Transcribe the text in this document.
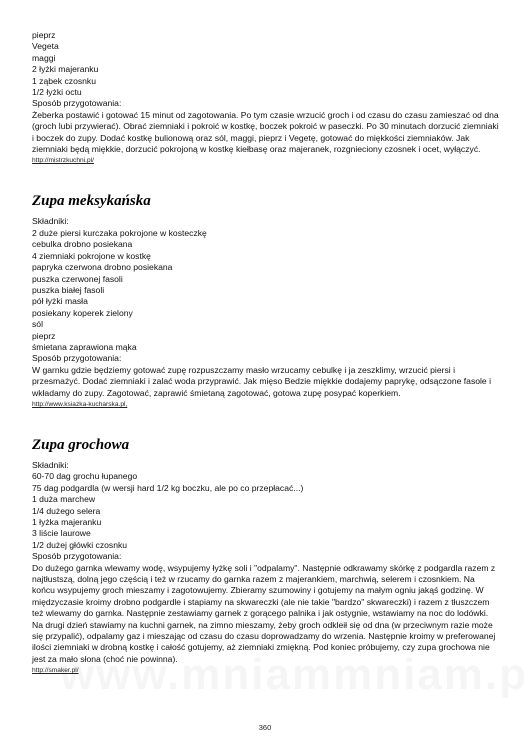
pieprz
Vegeta
maggi
2 łyżki majeranku
1 ząbek czosnku
1/2 łyżki octu
Sposób przygotowania:
Żeberka postawić i gotować 15 minut od zagotowania. Po tym czasie wrzucić groch i od czasu do czasu zamieszać od dna (groch lubi przywierać). Obrać ziemniaki i pokroić w kostkę, boczek pokroić w paseczki. Po 30 minutach dorzucić ziemniaki i boczek do zupy. Dodać kostkę bulionową oraz sól, maggi, pieprz i Vegetę, gotować do miękkości ziemniaków. Jak ziemniaki będą miękkie, dorzucić pokrojoną w kostkę kiełbasę oraz majeranek, rozgnieciony czosnek i ocet, wyłączyć.
http://mistrzkuchni.pl/
Zupa meksykańska
Składniki:
2 duże piersi kurczaka pokrojone w kosteczkę
cebulka drobno posiekana
4 ziemniaki pokrojone w kostkę
papryka czerwona drobno posiekana
puszka czerwonej fasoli
puszka białej fasoli
pół łyżki masła
posiekany koperek zielony
sól
pieprz
śmietana zaprawiona mąka
Sposób przygotowania:
W garnku gdzie będziemy gotować zupę rozpuszczamy masło wrzucamy cebulkę i ja zeszklimy, wrzucić piersi i przesmażyć. Dodać ziemniaki i zalać woda przyprawić. Jak mięso Bedzie miękkie dodajemy paprykę, odsączone fasole i wkładamy do zupy. Zagotować, zaprawić śmietaną zagotować, gotowa zupę posypać koperkiem.
http://www.ksiazka-kucharska.pl,
Zupa grochowa
Składniki:
60-70 dag grochu łupanego
75 dag podgardla (w wersji hard 1/2 kg boczku, ale po co przepłacać...)
1 duża marchew
1/4 dużego selera
1 łyżka majeranku
3 liście laurowe
1/2 dużej główki czosnku
Sposób przygotowania:
Do dużego garnka wlewamy wodę, wsypujemy łyżkę soli i "odpalamy". Następnie odkrawamy skórkę z podgardla razem z najtłustszą, dolną jego częścią i też w rzucamy do garnka razem z majerankiem, marchwią, selerem i czosnkiem. Na końcu wsypujemy groch mieszamy i zagotowujemy. Zbieramy szumowiny i gotujemy na małym ogniu jakąś godzinę. W międzyczasie kroimy drobno podgardle i stapiamy na skwareczki (ale nie takie "bardzo" skwareczki) i razem z tłuszczem też wlewamy do garnka. Następnie zestawiamy garnek z gorącego palnika i jak ostygnie, wstawiamy na noc do lodówki. Na drugi dzień stawiamy na kuchni garnek, na zimno mieszamy, żeby groch odkleił się od dna (w przeciwnym razie może się przypalić), odpalamy gaz i mieszając od czasu do czasu doprowadzamy do wrzenia. Następnie kroimy w preferowanej ilości ziemniaki w drobną kostkę i całość gotujemy, aż ziemniaki zmiękną. Pod koniec próbujemy, czy zupa grochowa nie jest za mało słona (choć nie powinna).
http://smaker.pl/
360
